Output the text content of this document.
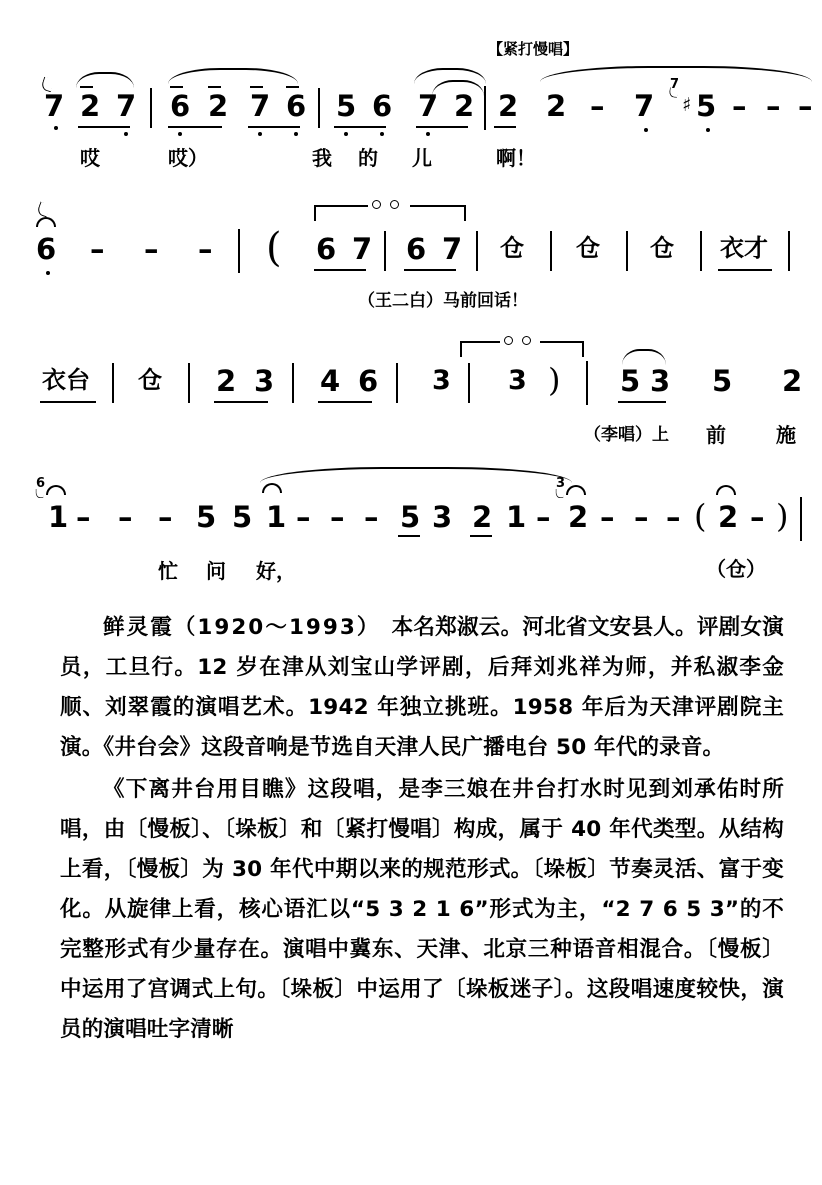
【紧打慢唱】
7 2 7 6 2 7 6 5 6 7 2 2 2 – 7
7
♯ 5 – – –
哎	哎）	我 的 儿	啊！
6 – – – ( 6 7 6 7 仓 仓 仓 衣才
（王二白）马前回话！
衣台 仓 2 3 4 6 3 3 ) 5 3 5 2
（李唱）上 前	施
6
1 – – – 5 5 1 – – – 5 3 2 1 –
3
2 – – – ( 2 – )
忙 问 好，	（仓）

鲜灵霞（1920～1993）　本名郑淑云。河北省文安县人。评剧女演员，工旦行。12 岁在津从刘宝山学评剧，后拜刘兆祥为师，并私淑李金顺、刘翠霞的演唱艺术。1942 年独立挑班。1958 年后为天津评剧院主演。《井台会》这段音响是节选自天津人民广播电台 50 年代的录音。

《下离井台用目瞧》这段唱，是李三娘在井台打水时见到刘承佑时所唱，由〔慢板〕、〔垛板〕和〔紧打慢唱〕构成，属于 40 年代类型。从结构上看，〔慢板〕为 30 年代中期以来的规范形式。〔垛板〕节奏灵活、富于变化。从旋律上看，核心语汇以“5 3 2 1 6”形式为主，“2 7 6 5 3”的不完整形式有少量存在。演唱中冀东、天津、北京三种语音相混合。〔慢板〕中运用了宫调式上句。〔垛板〕中运用了〔垛板迷子〕。这段唱速度较快，演员的演唱吐字清晰
